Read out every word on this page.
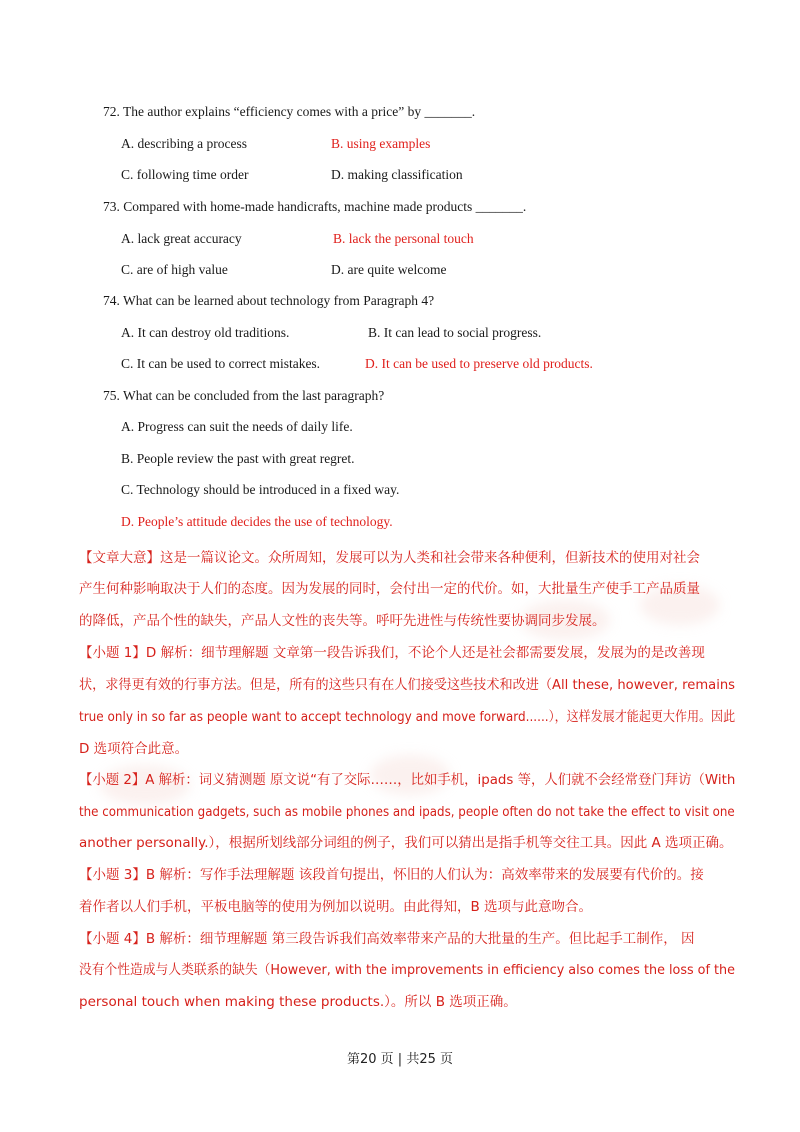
72. The author explains “efficiency comes with a price” by _______.
A. describing a process	B. using examples
C. following time order	D. making classification
73. Compared with home-made handicrafts, machine made products _______.
A. lack great accuracy	B. lack the personal touch
C. are of high value	D. are quite welcome
74. What can be learned about technology from Paragraph 4?
A. It can destroy old traditions.	B. It can lead to social progress.
C. It can be used to correct mistakes.	D. It can be used to preserve old products.
75. What can be concluded from the last paragraph?
A. Progress can suit the needs of daily life.
B. People review the past with great regret.
C. Technology should be introduced in a fixed way.
D. People’s attitude decides the use of technology.
【文章大意】这是一篇议论文。众所周知，发展可以为人类和社会带来各种便利，但新技术的使用对社会
产生何种影响取决于人们的态度。因为发展的同时，会付出一定的代价。如，大批量生产使手工产品质量
的降低，产品个性的缺失，产品人文性的丧失等。呼吁先进性与传统性要协调同步发展。
【小题 1】D 解析：细节理解题 文章第一段告诉我们，不论个人还是社会都需要发展，发展为的是改善现
状，求得更有效的行事方法。但是，所有的这些只有在人们接受这些技术和改进（All these, however, remains
true only in so far as people want to accept technology and move forward......），这样发展才能起更大作用。因此
D 选项符合此意。
【小题 2】A 解析：词义猜测题 原文说“有了交际……，比如手机，ipads 等，人们就不会经常登门拜访（With
the communication gadgets, such as mobile phones and ipads, people often do not take the effect to visit one
another personally.），根据所划线部分词组的例子，我们可以猜出是指手机等交往工具。因此 A 选项正确。
【小题 3】B 解析：写作手法理解题 该段首句提出，怀旧的人们认为：高效率带来的发展要有代价的。接
着作者以人们手机，平板电脑等的使用为例加以说明。由此得知，B 选项与此意吻合。
【小题 4】B 解析：细节理解题 第三段告诉我们高效率带来产品的大批量的生产。但比起手工制作， 因
没有个性造成与人类联系的缺失（However, with the improvements in efficiency also comes the loss of the
personal touch when making these products.）。所以 B 选项正确。
第20 页 | 共25 页
